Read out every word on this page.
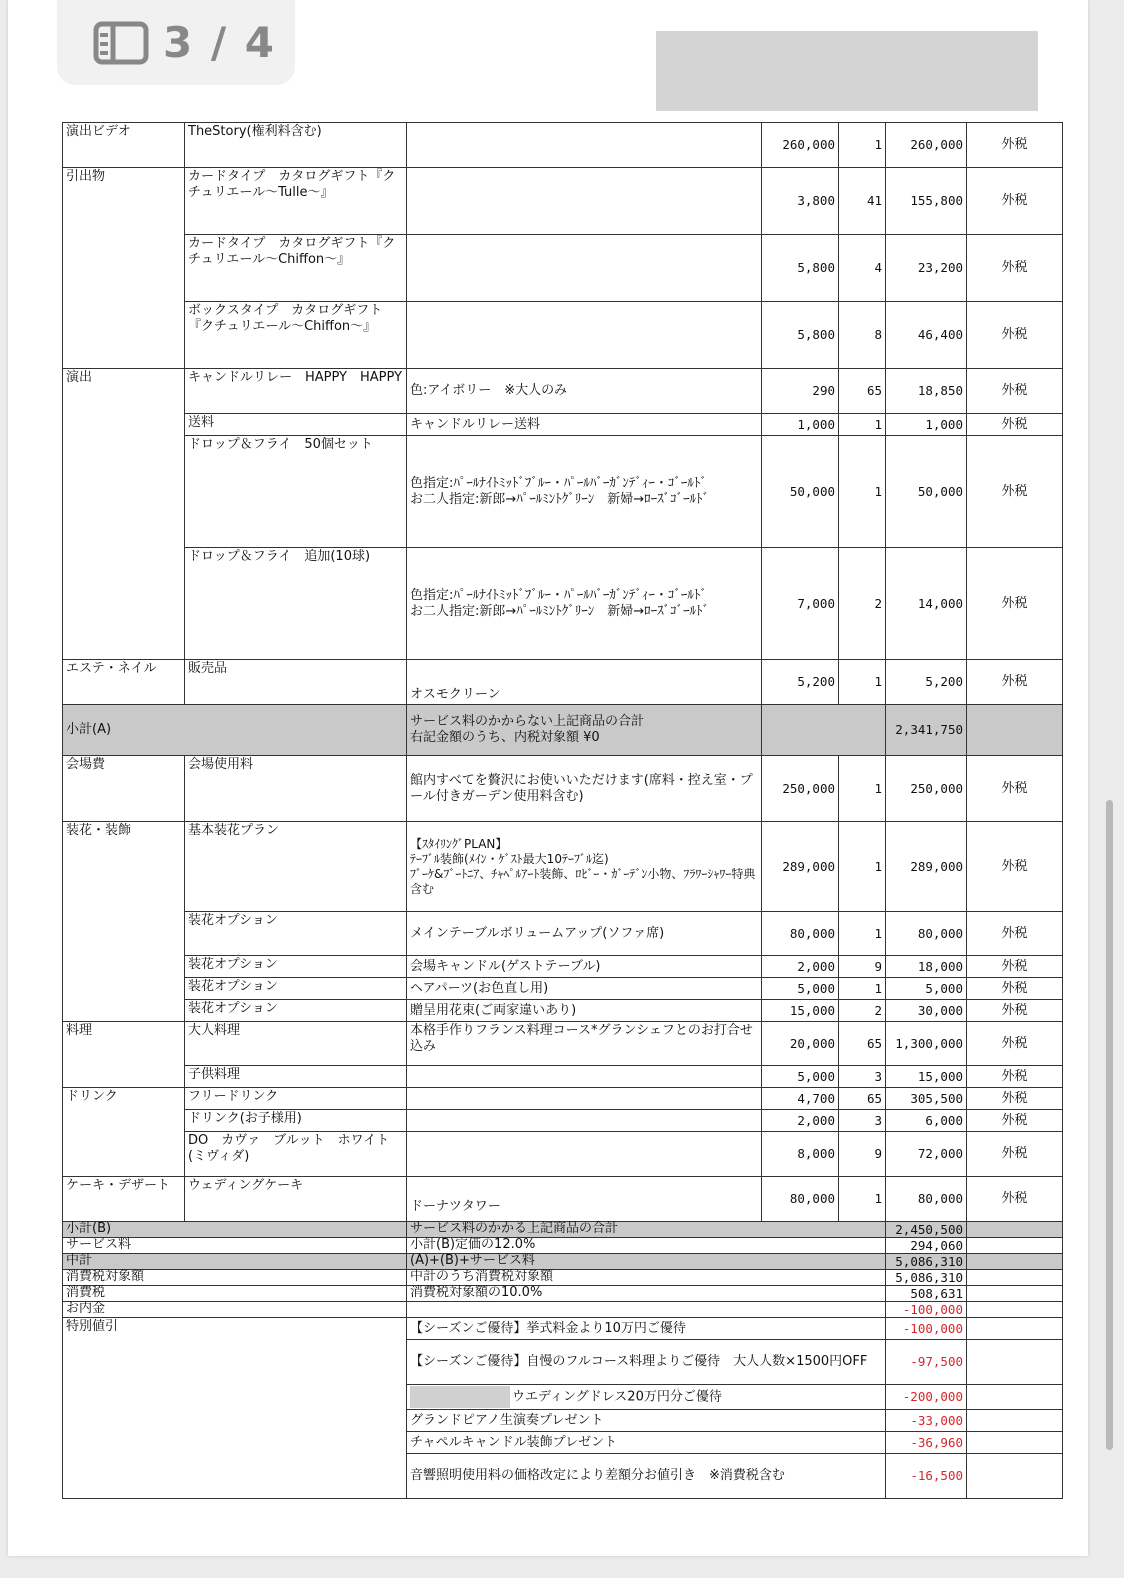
3 / 4
演出ビデオ	TheStory(権利料含む)		260,000	1	260,000	外税
引出物	カードタイプ　カタログギフト『クチュリエール～Tulle～』		3,800	41	155,800	外税
	カードタイプ　カタログギフト『クチュリエール～Chiffon～』		5,800	4	23,200	外税
	ボックスタイプ　カタログギフト『クチュリエール～Chiffon～』		5,800	8	46,400	外税
演出	キャンドルリレー　HAPPY　HAPPY	色:アイボリー　※大人のみ	290	65	18,850	外税
	送料	キャンドルリレー送料	1,000	1	1,000	外税
	ドロップ＆フライ　50個セット	色指定:ﾊﾟｰﾙﾅｲﾄﾐｯﾄﾞﾌﾞﾙｰ・ﾊﾟｰﾙﾊﾞｰｶﾞﾝﾃﾞｨｰ・ｺﾞｰﾙﾄﾞ
お二人指定:新郎→ﾊﾟｰﾙﾐﾝﾄｸﾞﾘｰﾝ　新婦→ﾛｰｽﾞｺﾞｰﾙﾄﾞ	50,000	1	50,000	外税
	ドロップ＆フライ　追加(10球)	色指定:ﾊﾟｰﾙﾅｲﾄﾐｯﾄﾞﾌﾞﾙｰ・ﾊﾟｰﾙﾊﾞｰｶﾞﾝﾃﾞｨｰ・ｺﾞｰﾙﾄﾞ
お二人指定:新郎→ﾊﾟｰﾙﾐﾝﾄｸﾞﾘｰﾝ　新婦→ﾛｰｽﾞｺﾞｰﾙﾄﾞ	7,000	2	14,000	外税
エステ・ネイル	販売品	オスモクリーン	5,200	1	5,200	外税
小計(A)		サービス料のかからない上記商品の合計
右記金額のうち、内税対象額 ¥0			2,341,750	
会場費	会場使用料	館内すべてを贅沢にお使いいただけます(席料・控え室・プール付きガーデン使用料含む)	250,000	1	250,000	外税
装花・装飾	基本装花プラン	【ｽﾀｲﾘﾝｸﾞPLAN】
ﾃｰﾌﾞﾙ装飾(ﾒｲﾝ・ｹﾞｽﾄ最大10ﾃｰﾌﾞﾙ迄)
ﾌﾞｰｹ&ﾌﾞｰﾄﾆｱ、ﾁｬﾍﾟﾙｱｰﾄ装飾、ﾛﾋﾞｰ・ｶﾞｰﾃﾞﾝ小物、ﾌﾗﾜｰｼｬﾜｰ特典含む	289,000	1	289,000	外税
	装花オプション	メインテーブルボリュームアップ(ソファ席)	80,000	1	80,000	外税
	装花オプション	会場キャンドル(ゲストテーブル)	2,000	9	18,000	外税
	装花オプション	ヘアパーツ(お色直し用)	5,000	1	5,000	外税
	装花オプション	贈呈用花束(ご両家違いあり)	15,000	2	30,000	外税
料理	大人料理	本格手作りフランス料理コース*グランシェフとのお打合せ込み	20,000	65	1,300,000	外税
	子供料理		5,000	3	15,000	外税
ドリンク	フリードリンク		4,700	65	305,500	外税
	ドリンク(お子様用)		2,000	3	6,000	外税
	DO　カヴァ　ブルット　ホワイト(ミヴィダ)		8,000	9	72,000	外税
ケーキ・デザート	ウェディングケーキ	ドーナツタワー	80,000	1	80,000	外税
小計(B)		サービス料のかかる上記商品の合計			2,450,500	
サービス料		小計(B)定価の12.0%			294,060	
中計		(A)+(B)+サービス料			5,086,310	
消費税対象額		中計のうち消費税対象額			5,086,310	
消費税		消費税対象額の10.0%			508,631	
お内金					-100,000	
特別値引		【シーズンご優待】挙式料金より10万円ご優待			-100,000	
		【シーズンご優待】自慢のフルコース料理よりご優待　大人人数×1500円OFF			-97,500	
		ウエディングドレス20万円分ご優待			-200,000	
		グランドピアノ生演奏プレゼント			-33,000	
		チャペルキャンドル装飾プレゼント			-36,960	
		音響照明使用料の価格改定により差額分お値引き　※消費税含む			-16,500	
